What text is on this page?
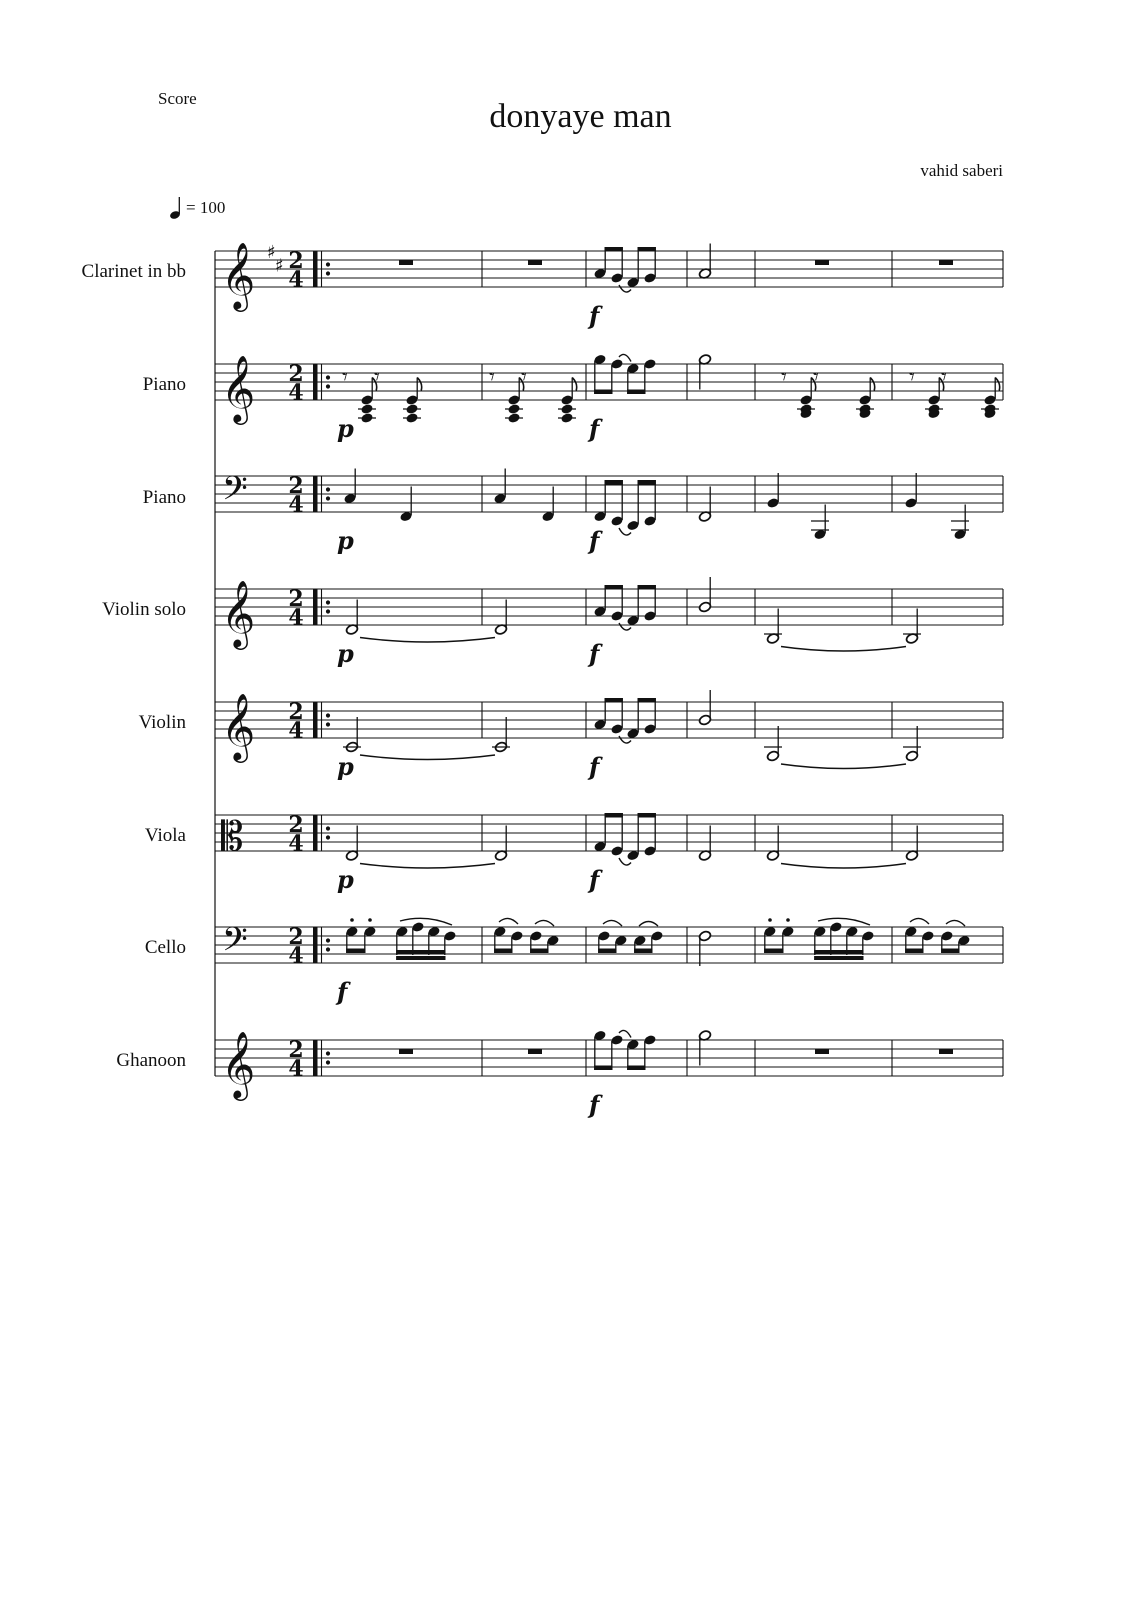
Score	donyaye man
vahid saberi
= 100
Clarinet in bb
Piano
Piano
Violin solo
Violin
Viola
Cello
Ghanoon
𝄞 ♯
♯ 2
4
f
𝄞 2
4
p	f
𝄾 𝄾	𝄾 𝄾	𝄾 𝄾	𝄾 𝄾
𝄢 2
4
p	f
𝄞 2
4
p	f
𝄞 2
4
p	f
𝄡 2
4
p	f
𝄢 2
4
f
𝄞 2
4
f
